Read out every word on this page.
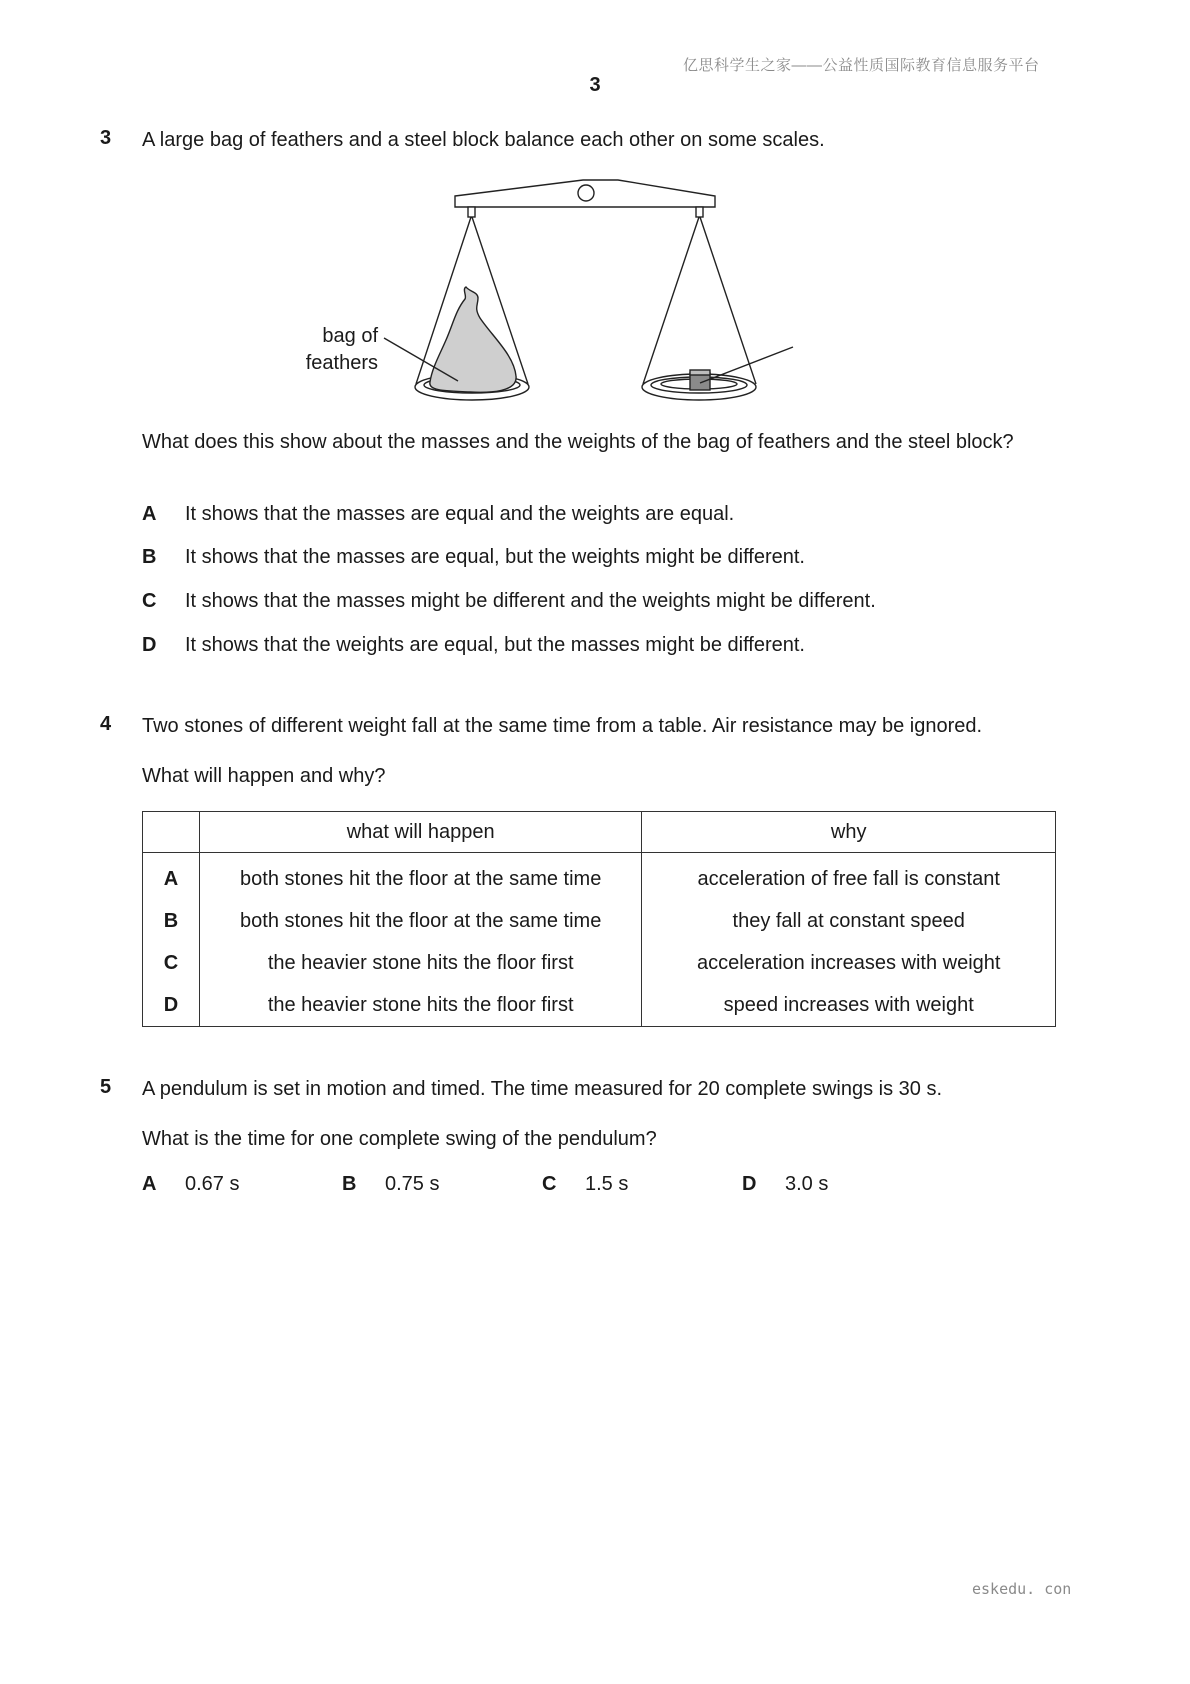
亿思科学生之家——公益性质国际教育信息服务平台
3
3 A large bag of feathers and a steel block balance each other on some scales.
bag of
feathers
What does this show about the masses and the weights of the bag of feathers and the steel block?
A It shows that the masses are equal and the weights are equal.
B It shows that the masses are equal, but the weights might be different.
C It shows that the masses might be different and the weights might be different.
D It shows that the weights are equal, but the masses might be different.
4 Two stones of different weight fall at the same time from a table. Air resistance may be ignored.
What will happen and why?
	what will happen	why
A	both stones hit the floor at the same time	acceleration of free fall is constant
B	both stones hit the floor at the same time	they fall at constant speed
C	the heavier stone hits the floor first	acceleration increases with weight
D	the heavier stone hits the floor first	speed increases with weight
5 A pendulum is set in motion and timed. The time measured for 20 complete swings is 30 s.
What is the time for one complete swing of the pendulum?
A 0.67 s	B 0.75 s	C 1.5 s	D 3.0 s
eskedu. con
